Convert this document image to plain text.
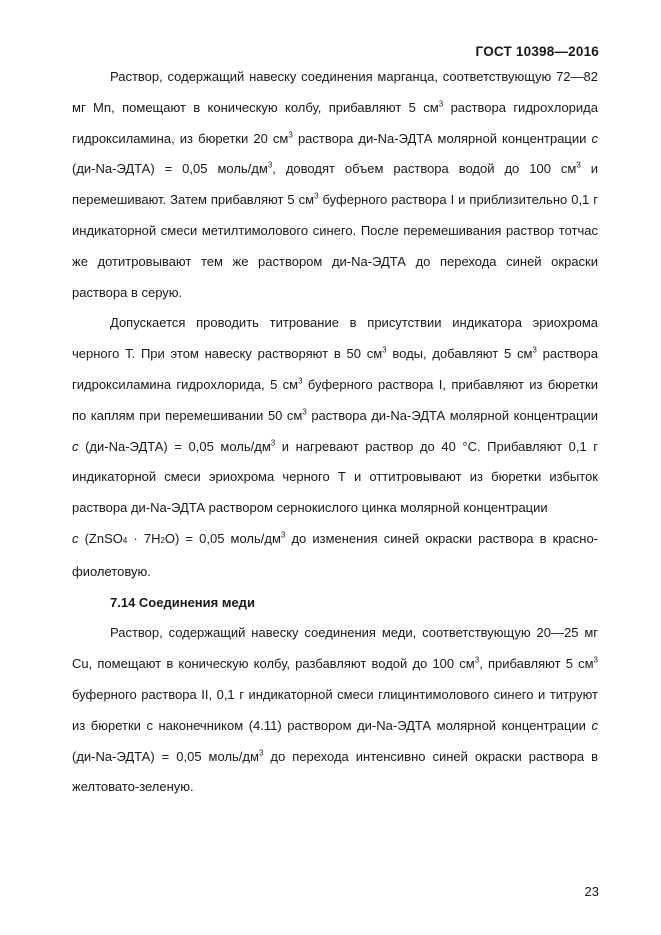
ГОСТ 10398—2016

Раствор, содержащий навеску соединения марганца, соответствующую 72—82 мг Mn, помещают в коническую колбу, прибавляют 5 $см^3$ раствора гидрохлорида гидроксиламина, из бюретки 20 $см^3$ раствора ди-Na-ЭДТА молярной концентрации c (ди-Na-ЭДТА) = 0,05 моль/$дм^3$, доводят объем раствора водой до 100 $см^3$ и перемешивают. Затем прибавляют 5 $см^3$ буферного раствора I и приблизительно 0,1 г индикаторной смеси метилтимолового синего. После перемешивания раствор тотчас же дотитровывают тем же раствором ди-Na-ЭДТА до перехода синей окраски раствора в серую.

Допускается проводить титрование в присутствии индикатора эриохрома черного Т. При этом навеску растворяют в 50 $см^3$ воды, добавляют 5 $см^3$ раствора гидроксиламина гидрохлорида, 5 $см^3$ буферного раствора I, прибавляют из бюретки по каплям при перемешивании 50 $см^3$ раствора ди-Na-ЭДТА молярной концентрации c (ди-Na-ЭДТА) = 0,05 моль/$дм^3$ и нагревают раствор до 40 °С. Прибавляют 0,1 г индикаторной смеси эриохрома черного Т и оттитровывают из бюретки избыток раствора ди-Na-ЭДТА раствором сернокислого цинка молярной концентрации

c (ZnSO4 · 7H2O) = 0,05 моль/$дм^3$ до изменения синей окраски раствора в красно-фиолетовую.

7.14 Соединения меди

Раствор, содержащий навеску соединения меди, соответствующую 20—25 мг Cu, помещают в коническую колбу, разбавляют водой до 100 $см^3$, прибавляют 5 $см^3$ буферного раствора II, 0,1 г индикаторной смеси глицинтимолового синего и титруют из бюретки с наконечником (4.11) раствором ди-Na-ЭДТА молярной концентрации c (ди-Na-ЭДТА) = 0,05 моль/$дм^3$ до перехода интенсивно синей окраски раствора в желтовато-зеленую.

23
